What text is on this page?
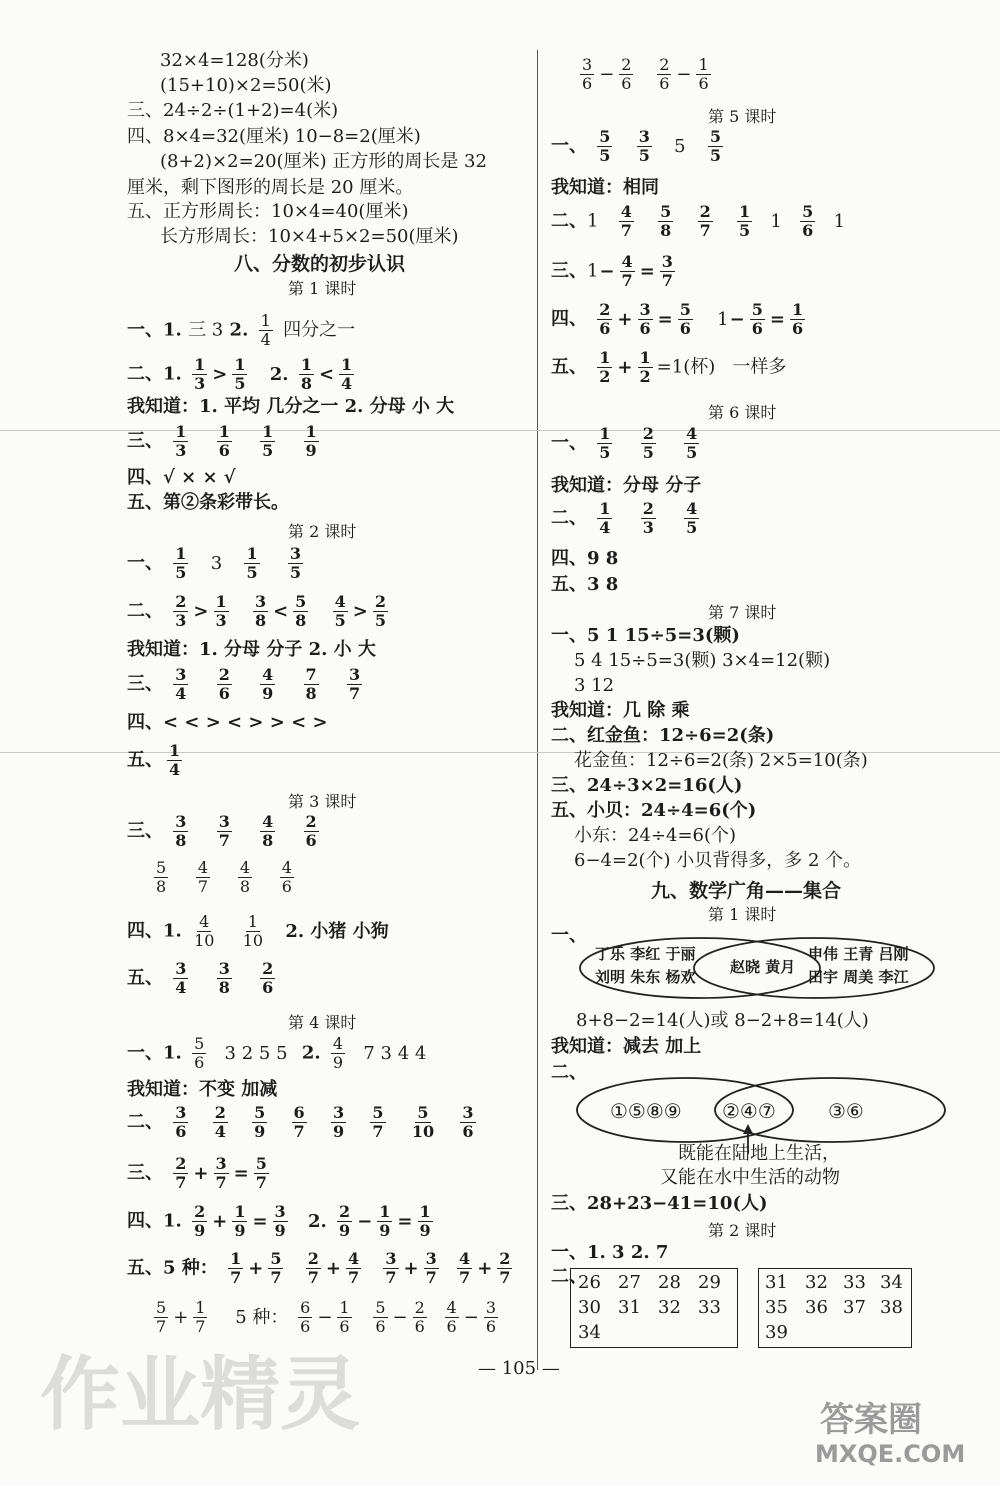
32×4=128(分米)
(15+10)×2=50(米)
三、24÷2÷(1+2)=4(米)
四、8×4=32(厘米) 10−8=2(厘米)
(8+2)×2=20(厘米) 正方形的周长是 32
厘米，剩下图形的周长是 20 厘米。
五、正方形周长：10×4=40(厘米)
长方形周长：10×4+5×2=50(厘米)
八、分数的初步认识
第 1 课时
一、1. 三 3 2. $\frac{1}{4}$ 四分之一
二、1. $\frac{1}{3} > \frac{1}{5} 2$. $\frac{1}{8} < \frac{1}{4}$
我知道：1. 平均 几分之一 2. 分母 小 大
三、 $\frac{1}{3}$
$\frac{1}{6}$
$\frac{1}{5}$
$\frac{1}{9}$
四、√ × × √
五、第②条彩带长。
第 2 课时
一、 $\frac{1}{5} 3 \frac{1}{5}$
$\frac{3}{5}$
二、 $\frac{2}{3} > \frac{1}{3}$
$\frac{3}{8} < \frac{5}{8}$
$\frac{4}{5} > \frac{2}{5}$
我知道：1. 分母 分子 2. 小 大
三、 $\frac{3}{4}$
$\frac{2}{6}$
$\frac{4}{9}$
$\frac{7}{8}$
$\frac{3}{7}$
四、< < > < > > < >
五、 $\frac{1}{4}$
第 3 课时
三、 $\frac{3}{8}$
$\frac{3}{7}$
$\frac{4}{8}$
$\frac{2}{6}$
$\frac{5}{8}$
$\frac{4}{7}$
$\frac{4}{8}$
$\frac{4}{6}$
四、1. $\frac{4}{10}$
$\frac{1}{10} 2$. 小猪 小狗
五、 $\frac{3}{4}$
$\frac{3}{8}$
$\frac{2}{6}$
第 4 课时
一、1. $\frac{5}{6} 3$ 2 5 5 2. $\frac{4}{9} 7$ 3 4 4
我知道：不变 加减
二、 $\frac{3}{6}$
$\frac{2}{4}$
$\frac{5}{9}$
$\frac{6}{7}$
$\frac{3}{9}$
$\frac{5}{7}$
$\frac{5}{10}$
$\frac{3}{6}$
三、 $\frac{2}{7} + \frac{3}{7} = \frac{5}{7}$
四、1. $\frac{2}{9} + \frac{1}{9} = \frac{3}{9} 2$. $\frac{2}{9} - \frac{1}{9} = \frac{1}{9}$
五、5 种： $\frac{1}{7} + \frac{5}{7}$
$\frac{2}{7} + \frac{4}{7}$
$\frac{3}{7} + \frac{3}{7}$
$\frac{4}{7} + \frac{2}{7}$
$\frac{5}{7} + \frac{1}{7} 5$ 种： $\frac{6}{6} - \frac{1}{6}$
$\frac{5}{6} - \frac{2}{6}$
$\frac{4}{6} - \frac{3}{6}$
$\frac{3}{6} - \frac{2}{6}$
$\frac{2}{6} - \frac{1}{6}$
第 5 课时
一、 $\frac{5}{5}$
$\frac{3}{5} 5 \frac{5}{5}$
我知道：相同
二、$1 \frac{4}{7}$
$\frac{5}{8}$
$\frac{2}{7}$
$\frac{1}{5} 1 \frac{5}{6} 1$
三、$1- \frac{4}{7} = \frac{3}{7}$
四、 $\frac{2}{6} + \frac{3}{6} = \frac{5}{6} 1- \frac{5}{6} = \frac{1}{6}$
五、 $\frac{1}{2} + \frac{1}{2} =1$(杯)   一样多
第 6 课时
一、 $\frac{1}{5}$
$\frac{2}{5}$
$\frac{4}{5}$
我知道：分母 分子
二、 $\frac{1}{4}$
$\frac{2}{3}$
$\frac{4}{5}$
四、9 8
五、3 8
第 7 课时
一、5 1 15÷5=3(颗)
5 4 15÷5=3(颗) 3×4=12(颗)
3 12
我知道：几 除 乘
二、红金鱼：12÷6=2(条)
花金鱼：12÷6=2(条) 2×5=10(条)
三、24÷3×2=16(人)
五、小贝：24÷4=6(个)
小东：24÷4=6(个)
6−4=2(个) 小贝背得多，多 2 个。
九、数学广角——集合
第 1 课时
一、
丁乐 李红 于丽
刘明 朱东 杨欢
赵晓 黄月
申伟 王青 吕刚
田宇 周美 李江
8+8−2=14(人)或 8−2+8=14(人)
我知道：减去 加上
二、
①⑤⑧⑨ ②④⑦	③⑥
既能在陆地上生活，
又能在水中生活的动物
三、28+23−41=10(人)
第 2 课时
一、1. 3 2. 7
二、
26 27 28 29
30 31 32 33
34
31 32 33 34
35 36 37 38
39
— 105 —
作业精灵	答案圈
MXQE.COM
